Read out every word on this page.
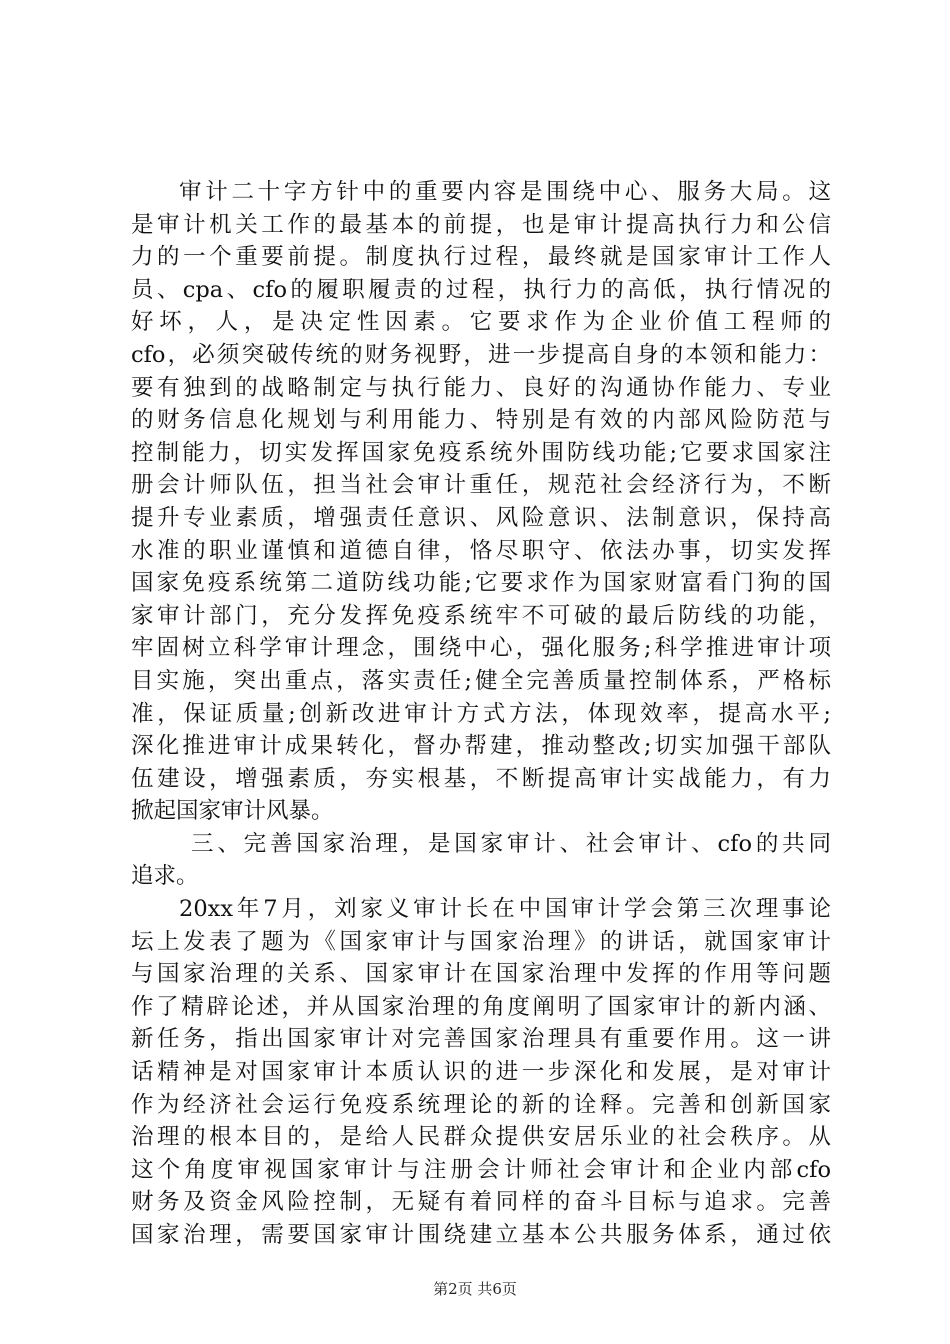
审计二十字方针中的重要内容是围绕中心、服务大局。这
是审计机关工作的最基本的前提，也是审计提高执行力和公信
力的一个重要前提。制度执行过程，最终就是国家审计工作人
员、cpa、cfo的履职履责的过程，执行力的高低，执行情况的
好坏，人，是决定性因素。它要求作为企业价值工程师的
cfo，必须突破传统的财务视野，进一步提高自身的本领和能力：
要有独到的战略制定与执行能力、良好的沟通协作能力、专业
的财务信息化规划与利用能力、特别是有效的内部风险防范与
控制能力，切实发挥国家免疫系统外围防线功能;它要求国家注
册会计师队伍，担当社会审计重任，规范社会经济行为，不断
提升专业素质，增强责任意识、风险意识、法制意识，保持高
水准的职业谨慎和道德自律，恪尽职守、依法办事，切实发挥
国家免疫系统第二道防线功能;它要求作为国家财富看门狗的国
家审计部门，充分发挥免疫系统牢不可破的最后防线的功能，
牢固树立科学审计理念，围绕中心，强化服务;科学推进审计项
目实施，突出重点，落实责任;健全完善质量控制体系，严格标
准，保证质量;创新改进审计方式方法，体现效率，提高水平;
深化推进审计成果转化，督办帮建，推动整改;切实加强干部队
伍建设，增强素质，夯实根基，不断提高审计实战能力，有力
掀起国家审计风暴。
三、完善国家治理，是国家审计、社会审计、cfo的共同
追求。
20xx年7月，刘家义审计长在中国审计学会第三次理事论
坛上发表了题为《国家审计与国家治理》的讲话，就国家审计
与国家治理的关系、国家审计在国家治理中发挥的作用等问题
作了精辟论述，并从国家治理的角度阐明了国家审计的新内涵、
新任务，指出国家审计对完善国家治理具有重要作用。这一讲
话精神是对国家审计本质认识的进一步深化和发展，是对审计
作为经济社会运行免疫系统理论的新的诠释。完善和创新国家
治理的根本目的，是给人民群众提供安居乐业的社会秩序。从
这个角度审视国家审计与注册会计师社会审计和企业内部cfo
财务及资金风险控制，无疑有着同样的奋斗目标与追求。完善
国家治理，需要国家审计围绕建立基本公共服务体系，通过依
第2页 共6页
